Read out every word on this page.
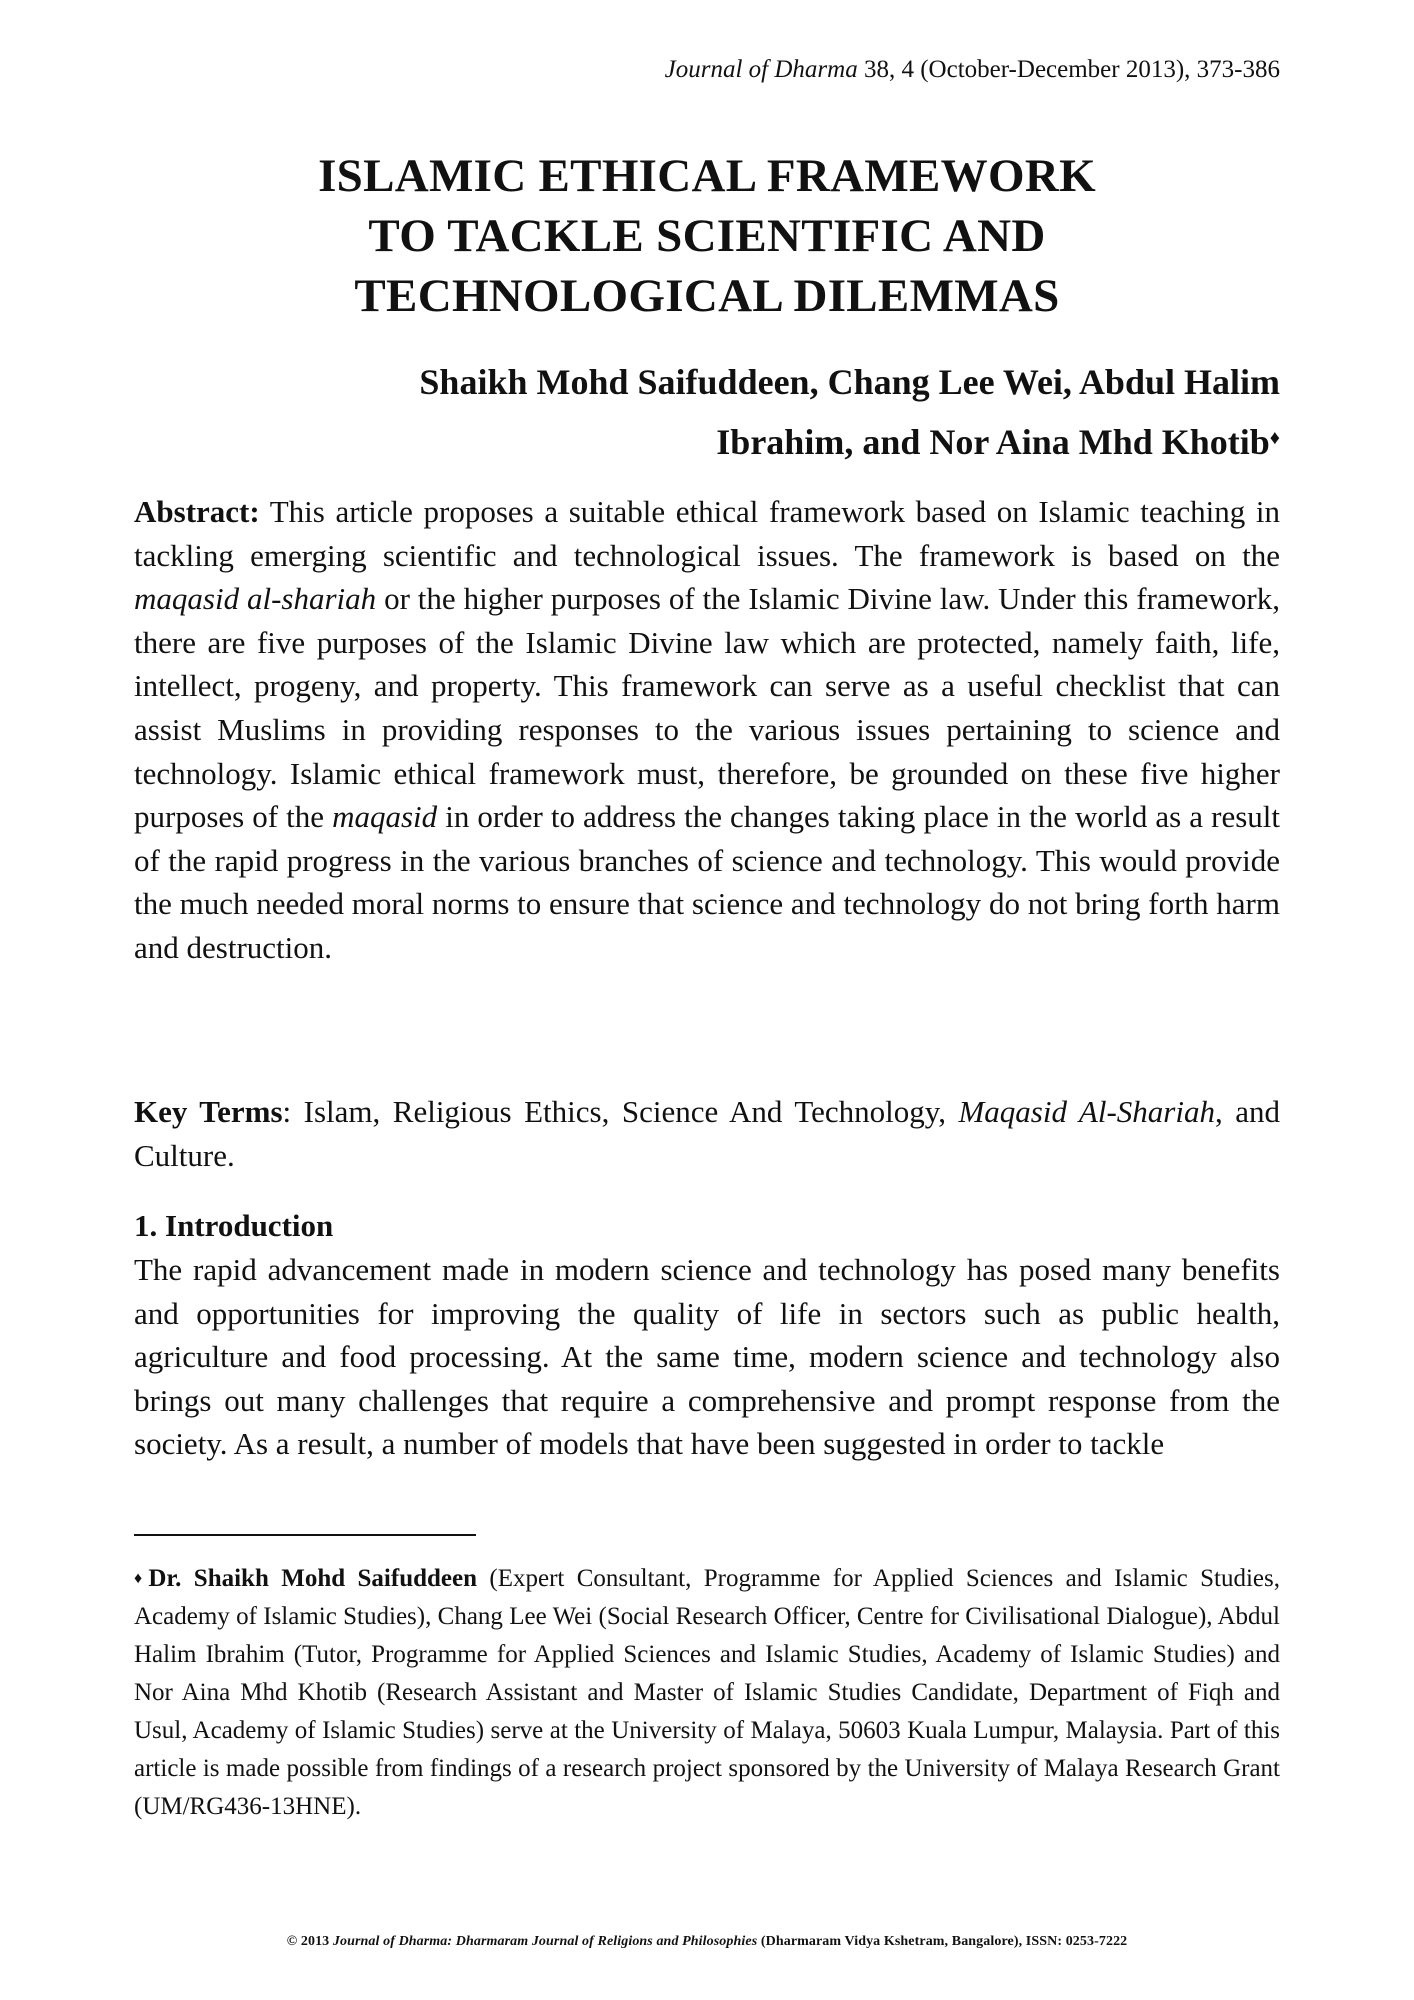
Journal of Dharma 38, 4 (October-December 2013), 373-386
ISLAMIC ETHICAL FRAMEWORK
TO TACKLE SCIENTIFIC AND
TECHNOLOGICAL DILEMMAS
Shaikh Mohd Saifuddeen, Chang Lee Wei, Abdul Halim
Ibrahim, and Nor Aina Mhd Khotib♦
Abstract: This article proposes a suitable ethical framework based on Islamic teaching in tackling emerging scientific and technological issues. The framework is based on the maqasid al-shariah or the higher purposes of the Islamic Divine law. Under this framework, there are five purposes of the Islamic Divine law which are protected, namely faith, life, intellect, progeny, and property. This framework can serve as a useful checklist that can assist Muslims in providing responses to the various issues pertaining to science and technology. Islamic ethical framework must, therefore, be grounded on these five higher purposes of the maqasid in order to address the changes taking place in the world as a result of the rapid progress in the various branches of science and technology. This would provide the much needed moral norms to ensure that science and technology do not bring forth harm and destruction.
Key Terms: Islam, Religious Ethics, Science And Technology, Maqasid Al-Shariah, and Culture.
1. Introduction
The rapid advancement made in modern science and technology has posed many benefits and opportunities for improving the quality of life in sectors such as public health, agriculture and food processing. At the same time, modern science and technology also brings out many challenges that require a comprehensive and prompt response from the society. As a result, a number of models that have been suggested in order to tackle
♦Dr. Shaikh Mohd Saifuddeen (Expert Consultant, Programme for Applied Sciences and Islamic Studies, Academy of Islamic Studies), Chang Lee Wei (Social Research Officer, Centre for Civilisational Dialogue), Abdul Halim Ibrahim (Tutor, Programme for Applied Sciences and Islamic Studies, Academy of Islamic Studies) and Nor Aina Mhd Khotib (Research Assistant and Master of Islamic Studies Candidate, Department of Fiqh and Usul, Academy of Islamic Studies) serve at the University of Malaya, 50603 Kuala Lumpur, Malaysia. Part of this article is made possible from findings of a research project sponsored by the University of Malaya Research Grant (UM/RG436-13HNE).
© 2013 Journal of Dharma: Dharmaram Journal of Religions and Philosophies (Dharmaram Vidya Kshetram, Bangalore), ISSN: 0253-7222
